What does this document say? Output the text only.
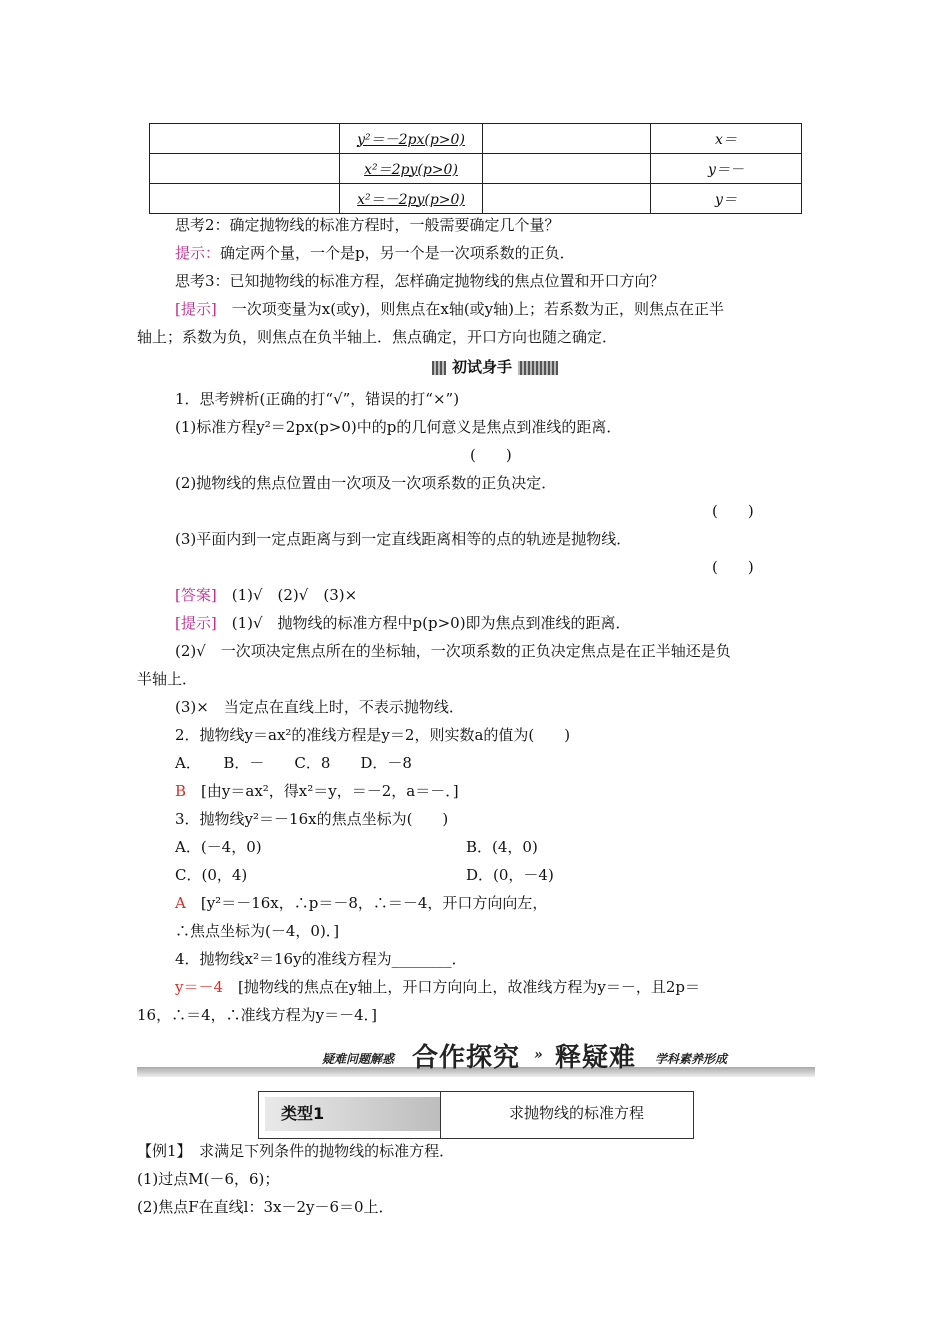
	y²＝－2px(p>0)		x＝
	x²＝2py(p>0)		y＝－
	x²＝－2py(p>0)		y＝
思考2：确定抛物线的标准方程时，一般需要确定几个量？
提示：确定两个量，一个是p，另一个是一次项系数的正负．
思考3：已知抛物线的标准方程，怎样确定抛物线的焦点位置和开口方向？
[提示]　 一次项变量为x(或y)，则焦点在x轴(或y轴)上；若系数为正，则焦点在正半
轴上；系数为负，则焦点在负半轴上．焦点确定，开口方向也随之确定．
初试身手
1．思考辨析(正确的打“√”，错误的打“×”)
(1)标准方程y²＝2px(p>0)中的p的几何意义是焦点到准线的距离．
(　　)
(2)抛物线的焦点位置由一次项及一次项系数的正负决定．
(　　)
(3)平面内到一定点距离与到一定直线距离相等的点的轨迹是抛物线．
(　　)
[答案]　 (1)√　(2)√　(3)×
[提示]　 (1)√　抛物线的标准方程中p(p>0)即为焦点到准线的距离．
(2)√　一次项决定焦点所在的坐标轴，一次项系数的正负决定焦点是在正半轴还是负
半轴上．
(3)×　当定点在直线上时，不表示抛物线．
2．抛物线y＝ax²的准线方程是y＝2，则实数a的值为(　　)
A．　　B．－　　C．8　　D．－8
B　 [由y＝ax²，得x²＝y，＝－2，a＝－．]
3．抛物线y²＝－16x的焦点坐标为(　　)
A．(－4，0)	B．(4，0)
C．(0，4)	D．(0，－4)
A　 [y²＝－16x，∴p＝－8，∴＝－4，开口方向向左，
∴焦点坐标为(－4，0)．]
4．抛物线x²＝16y的准线方程为________．
y＝－4　 [抛物线的焦点在y轴上，开口方向向上，故准线方程为y＝－，且2p＝
16，∴＝4，∴准线方程为y＝－4．]
疑难问题解惑 合作探究 » 释疑难 学科素养形成
类型1	求抛物线的标准方程
【例1】　 求满足下列条件的抛物线的标准方程．
(1)过点M(－6，6)；
(2)焦点F在直线l：3x－2y－6＝0上．
